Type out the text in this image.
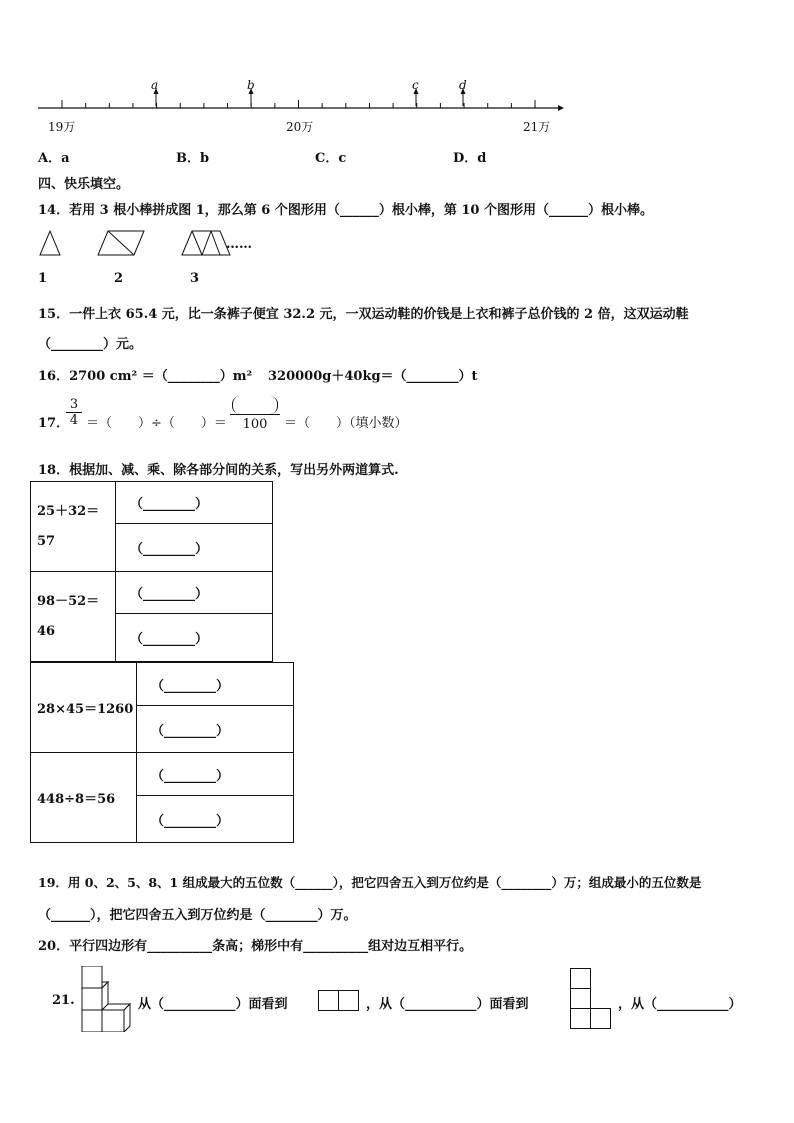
19万	20万	21万
a	b	c	d
A．a	B．b	C．c	D．d
四、快乐填空。
14．若用 3 根小棒拼成图 1，那么第 6 个图形用（______）根小棒，第 10 个图形用（______）根小棒。
……
1	2	3
15．一件上衣 65.4 元，比一条裤子便宜 32.2 元，一双运动鞋的价钱是上衣和裤子总价钱的 2 倍，这双运动鞋
（________）元。
16．2700 cm² ＝（________）m² 320000g＋40kg＝（________）t
17．
$\frac{3}{4}$ ＝（　　）÷（　　）＝	100	＝（　　）（填小数）
18．根据加、减、乘、除各部分间的关系，写出另外两道算式.
25＋32＝
57	（________）
	（________）

98－52＝
46	（________）
	（________）
28×45＝1260	（________）
	（________）
448÷8＝56	（________）
	（________）
19．用 0、2、5、8、1 组成最大的五位数（______），把它四舍五入到万位约是（________）万；组成最小的五位数是
（______），把它四舍五入到万位约是（________）万。
20．平行四边形有__________条高；梯形中有__________组对边互相平行。
21.	从（___________）面看到	，从（___________）面看到	，从（___________）
